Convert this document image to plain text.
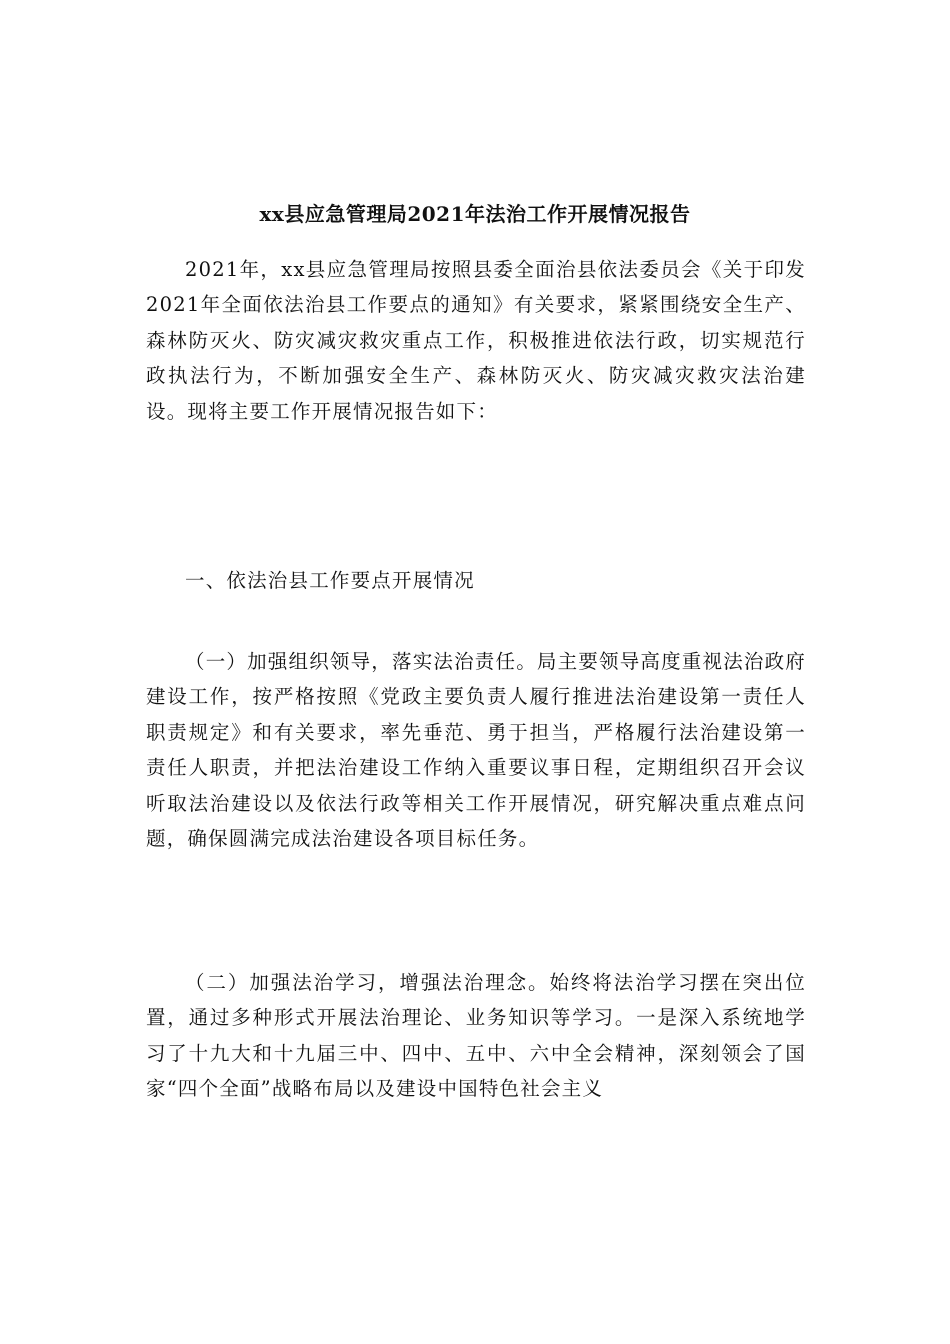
xx县应急管理局2021年法治工作开展情况报告
2021年，xx县应急管理局按照县委全面治县依法委员会《关于印发2021年全面依法治县工作要点的通知》有关要求，紧紧围绕安全生产、森林防灭火、防灾减灾救灾重点工作，积极推进依法行政，切实规范行政执法行为，不断加强安全生产、森林防灭火、防灾减灾救灾法治建设。现将主要工作开展情况报告如下：
一、依法治县工作要点开展情况
（一）加强组织领导，落实法治责任。局主要领导高度重视法治政府建设工作，按严格按照《党政主要负责人履行推进法治建设第一责任人职责规定》和有关要求，率先垂范、勇于担当，严格履行法治建设第一责任人职责，并把法治建设工作纳入重要议事日程，定期组织召开会议听取法治建设以及依法行政等相关工作开展情况，研究解决重点难点问题，确保圆满完成法治建设各项目标任务。
（二）加强法治学习，增强法治理念。始终将法治学习摆在突出位置，通过多种形式开展法治理论、业务知识等学习。一是深入系统地学习了十九大和十九届三中、四中、五中、六中全会精神，深刻领会了国家“四个全面”战略布局以及建设中国特色社会主义
